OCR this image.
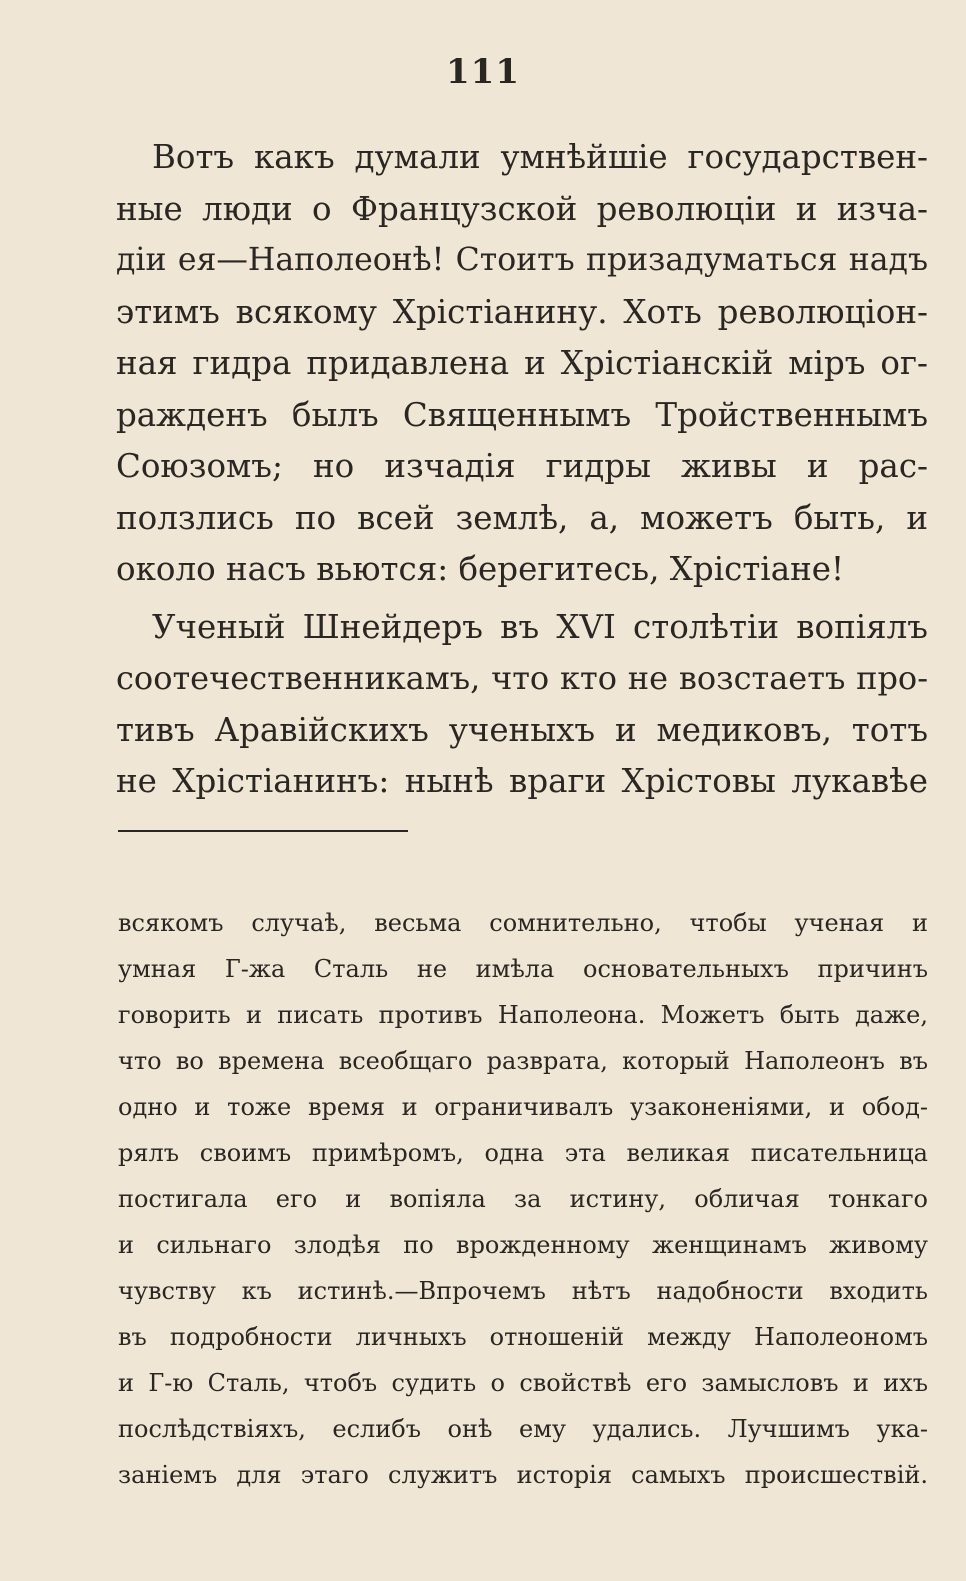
111
Вотъ какъ думали умнѣйшіе государствен-
ные люди о Французской революціи и изча-
діи ея—Наполеонѣ! Стоитъ призадуматься надъ
этимъ всякому Хрістіанину. Хоть революціон-
ная гидра придавлена и Хрістіанскій міръ ог-
ражденъ былъ Священнымъ Тройственнымъ
Союзомъ; но изчадія гидры живы и рас-
ползлись по всей землѣ, а, можетъ быть, и
около насъ вьются: берегитесь, Хрістіане!
Ученый Шнейдеръ въ XVI столѣтіи вопіялъ
соотечественникамъ, что кто не возстаетъ про-
тивъ Аравійскихъ ученыхъ и медиковъ, тотъ
не Хрістіанинъ: нынѣ враги Хрістовы лукавѣе
всякомъ случаѣ, весьма сомнительно, чтобы ученая и
умная Г-жа Сталь не имѣла основательныхъ причинъ
говорить и писать противъ Наполеона. Можетъ быть даже,
что во времена всеобщаго разврата, который Наполеонъ въ
одно и тоже время и ограничивалъ узаконеніями, и обод-
рялъ своимъ примѣромъ, одна эта великая писательница
постигала его и вопіяла за истину, обличая тонкаго
и сильнаго злодѣя по врожденному женщинамъ живому
чувству къ истинѣ.—Впрочемъ нѣтъ надобности входить
въ подробности личныхъ отношеній между Наполеономъ
и Г-ю Сталь, чтобъ судить о свойствѣ его замысловъ и ихъ
послѣдствіяхъ, еслибъ онѣ ему удались. Лучшимъ ука-
заніемъ для этаго служитъ исторія самыхъ происшествій.
